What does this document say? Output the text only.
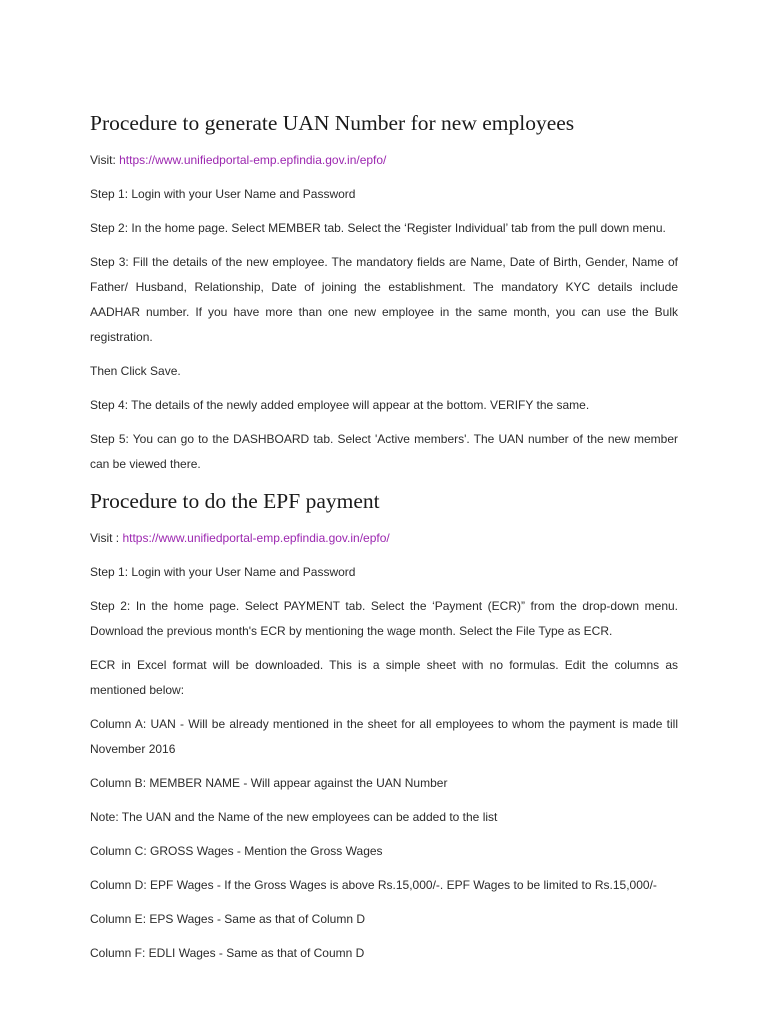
Procedure to generate UAN Number for new employees

Visit: https://www.unifiedportal-emp.epfindia.gov.in/epfo/

Step 1: Login with your User Name and Password

Step 2: In the home page. Select MEMBER tab. Select the ‘Register Individual’ tab from the pull down menu.

Step 3: Fill the details of the new employee. The mandatory fields are Name, Date of Birth, Gender, Name of Father/ Husband, Relationship, Date of joining the establishment. The mandatory KYC details include AADHAR number. If you have more than one new employee in the same month, you can use the Bulk registration.

Then Click Save.

Step 4: The details of the newly added employee will appear at the bottom. VERIFY the same.

Step 5: You can go to the DASHBOARD tab. Select 'Active members'. The UAN number of the new member can be viewed there.

Procedure to do the EPF payment

Visit : https://www.unifiedportal-emp.epfindia.gov.in/epfo/

Step 1: Login with your User Name and Password

Step 2: In the home page. Select PAYMENT tab. Select the ‘Payment (ECR)” from the drop-down menu. Download the previous month's ECR by mentioning the wage month. Select the File Type as ECR.

ECR in Excel format will be downloaded. This is a simple sheet with no formulas. Edit the columns as mentioned below:

Column A: UAN - Will be already mentioned in the sheet for all employees to whom the payment is made till November 2016

Column B: MEMBER NAME - Will appear against the UAN Number

Note: The UAN and the Name of the new employees can be added to the list

Column C: GROSS Wages - Mention the Gross Wages

Column D: EPF Wages - If the Gross Wages is above Rs.15,000/-. EPF Wages to be limited to Rs.15,000/-

Column E: EPS Wages - Same as that of Column D

Column F: EDLI Wages - Same as that of Coumn D
